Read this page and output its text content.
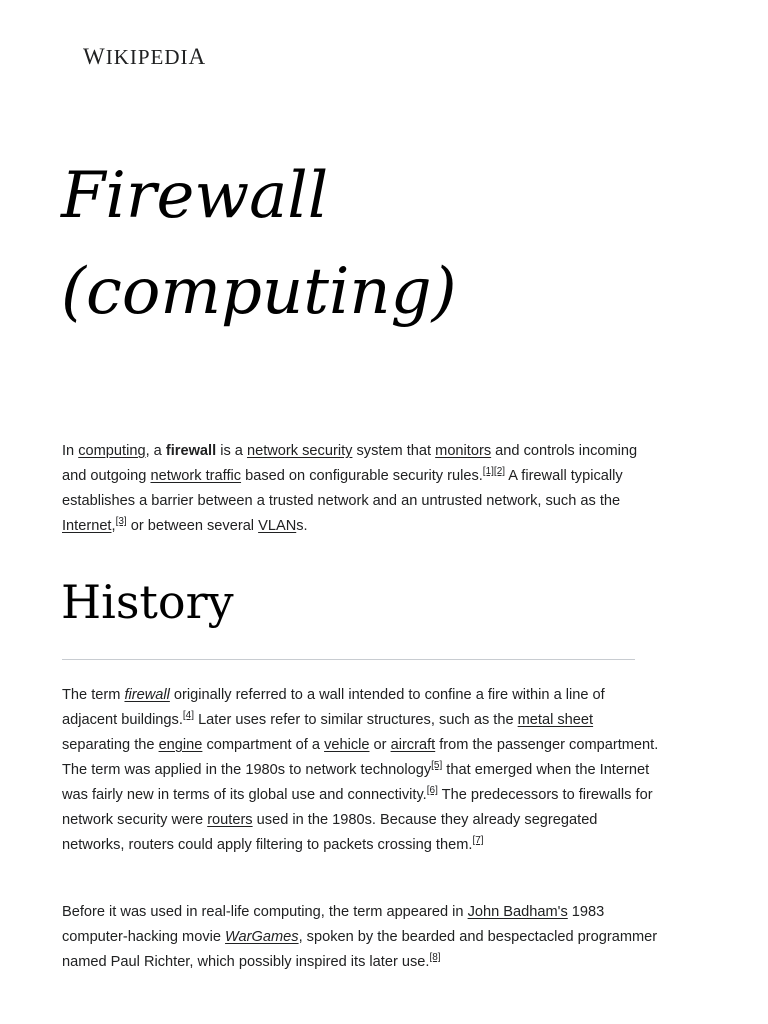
WIKIPEDIA
Firewall
(computing)

In computing, a firewall is a network security system that monitors and controls incoming and outgoing network traffic based on configurable security rules.[1][2] A firewall typically establishes a barrier between a trusted network and an untrusted network, such as the Internet,[3] or between several VLANs.

History

The term firewall originally referred to a wall intended to confine a fire within a line of adjacent buildings.[4] Later uses refer to similar structures, such as the metal sheet separating the engine compartment of a vehicle or aircraft from the passenger compartment. The term was applied in the 1980s to network technology[5] that emerged when the Internet was fairly new in terms of its global use and connectivity.[6] The predecessors to firewalls for network security were routers used in the 1980s. Because they already segregated networks, routers could apply filtering to packets crossing them.[7]

Before it was used in real-life computing, the term appeared in John Badham's 1983 computer-hacking movie WarGames, spoken by the bearded and bespectacled programmer named Paul Richter, which possibly inspired its later use.[8]
